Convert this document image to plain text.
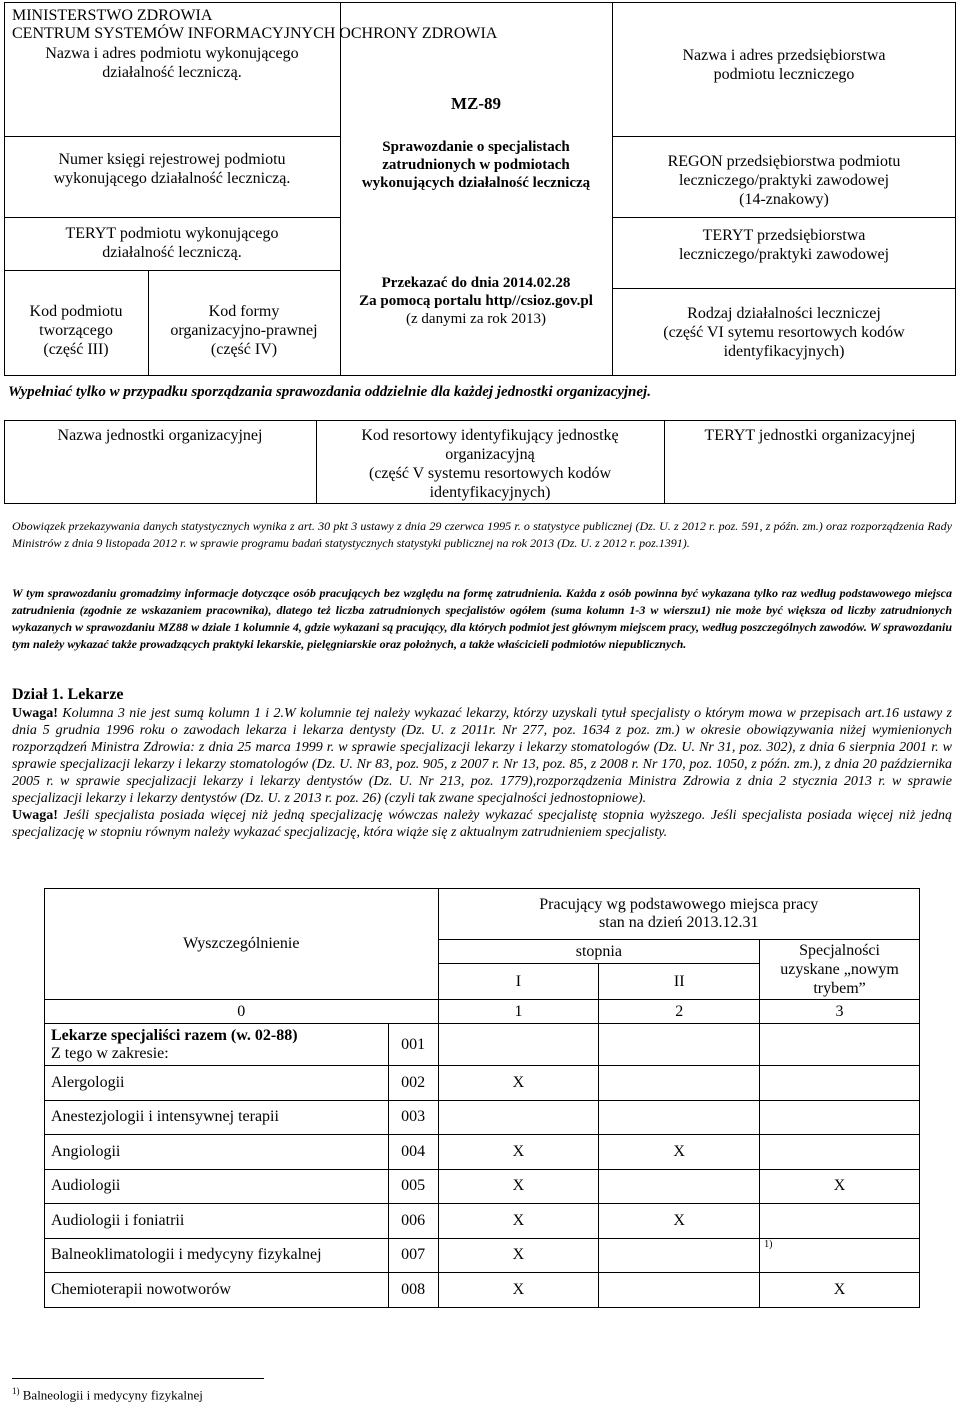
MINISTERSTWO ZDROWIA
CENTRUM SYSTEMÓW INFORMACYJNYCH OCHRONY ZDROWIA
Nazwa i adres podmiotu wykonującego
działalność leczniczą.
Numer księgi rejestrowej podmiotu
wykonującego działalność leczniczą.
TERYT podmiotu wykonującego
działalność leczniczą.
Kod podmiotu
tworzącego
(część III)
Kod formy
organizacyjno-prawnej
(część IV)
MZ-89
Sprawozdanie o specjalistach
zatrudnionych w podmiotach
wykonujących działalność leczniczą
Przekazać do dnia 2014.02.28
Za pomocą portalu http//csioz.gov.pl
(z danymi za rok 2013)
Nazwa i adres przedsiębiorstwa
podmiotu leczniczego
REGON przedsiębiorstwa podmiotu
leczniczego/praktyki zawodowej
(14-znakowy)
TERYT przedsiębiorstwa
leczniczego/praktyki zawodowej
Rodzaj działalności leczniczej
(część VI sytemu resortowych kodów
identyfikacyjnych)
Wypełniać tylko w przypadku sporządzania sprawozdania oddzielnie dla każdej jednostki organizacyjnej.
Nazwa jednostki organizacyjnej	Kod resortowy identyfikujący jednostkę
organizacyjną
(część V systemu resortowych kodów
identyfikacyjnych)
TERYT jednostki organizacyjnej
Obowiązek przekazywania danych statystycznych wynika z art. 30 pkt 3 ustawy z dnia 29 czerwca 1995 r. o statystyce publicznej (Dz. U. z 2012 r. poz. 591, z późn. zm.) oraz rozporządzenia Rady Ministrów z dnia 9 listopada 2012 r. w sprawie programu badań statystycznych statystyki publicznej na rok 2013 (Dz. U. z 2012 r. poz.1391).
W tym sprawozdaniu gromadzimy informacje dotyczące osób pracujących bez względu na formę zatrudnienia. Każda z osób powinna być wykazana tylko raz według podstawowego miejsca zatrudnienia (zgodnie ze wskazaniem pracownika), dlatego też liczba zatrudnionych specjalistów ogółem (suma kolumn 1-3 w wierszu1) nie może być większa od liczby zatrudnionych wykazanych w sprawozdaniu MZ88 w dziale 1 kolumnie 4, gdzie wykazani są pracujący, dla których podmiot jest głównym miejscem pracy, według poszczególnych zawodów. W sprawozdaniu tym należy wykazać także prowadzących praktyki lekarskie, pielęgniarskie oraz położnych, a także właścicieli podmiotów niepublicznych.
Dział 1. Lekarze
Uwaga! Kolumna 3 nie jest sumą kolumn 1 i 2.W kolumnie tej należy wykazać lekarzy, którzy uzyskali tytuł specjalisty o którym mowa w przepisach art.16 ustawy z dnia 5 grudnia 1996 roku o zawodach lekarza i lekarza dentysty (Dz. U. z 2011r. Nr 277, poz. 1634 z poz. zm.) w okresie obowiązywania niżej wymienionych rozporządzeń Ministra Zdrowia: z dnia 25 marca 1999 r. w sprawie specjalizacji lekarzy i lekarzy stomatologów (Dz. U. Nr 31, poz. 302), z dnia 6 sierpnia 2001 r. w sprawie specjalizacji lekarzy i lekarzy stomatologów (Dz. U. Nr 83, poz. 905, z 2007 r. Nr 13, poz. 85, z 2008 r. Nr 170, poz. 1050, z późn. zm.), z dnia 20 października 2005 r. w sprawie specjalizacji lekarzy i lekarzy dentystów (Dz. U. Nr 213, poz. 1779),rozporządzenia Ministra Zdrowia z dnia 2 stycznia 2013 r. w sprawie specjalizacji lekarzy i lekarzy dentystów (Dz. U. z 2013 r. poz. 26) (czyli tak zwane specjalności jednostopniowe).
Uwaga! Jeśli specjalista posiada więcej niż jedną specjalizację wówczas należy wykazać specjalistę stopnia wyższego. Jeśli specjalista posiada więcej niż jedną specjalizację w stopniu równym należy wykazać specjalizację, która wiąże się z aktualnym zatrudnieniem specjalisty.
Wyszczególnienie		Pracujący wg podstawowego miejsca pracy
stan na dzień 2013.12.31		

		stopnia		Specjalności
uzyskane „nowym
trybem”

		I	II	
0		1	2	3

Lekarze specjaliści razem (w. 02-88)
Z tego w zakresie:	001			
Alergologii	002	X		
Anestezjologii i intensywnej terapii	003			
Angiologii	004	X	X	
Audiologii	005	X		X
Audiologii i foniatrii	006	X	X	
Balneoklimatologii i medycyny fizykalnej	007	X		1)

Chemioterapii nowotworów	008	X		X
$^{1)}$ Balneologii i medycyny fizykalnej
